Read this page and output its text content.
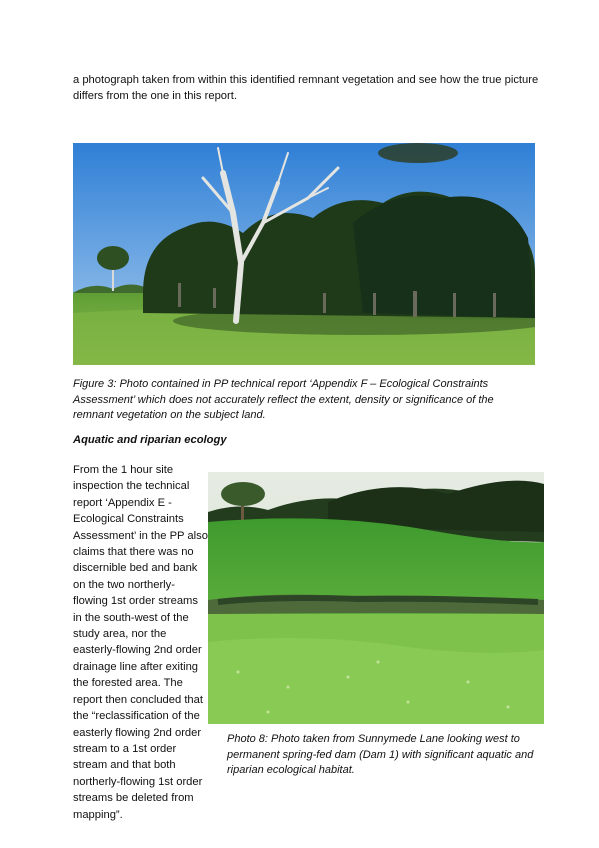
a photograph taken from within this identified remnant vegetation and see how the true picture differs from the one in this report.

Figure 3: Photo contained in PP technical report ‘Appendix F – Ecological Constraints Assessment’ which does not accurately reflect the extent, density or significance of the remnant vegetation on the subject land.

Aquatic and riparian ecology

From the 1 hour site inspection the technical report ‘Appendix E - Ecological Constraints Assessment’ in the PP also claims that there was no discernible bed and bank on the two northerly-flowing 1st order streams in the south-west of the study area, nor the easterly-flowing 2nd order drainage line after exiting the forested area. The report then concluded that the “reclassification of the easterly flowing 2nd order stream to a 1st order stream and that both northerly-flowing 1st order streams be deleted from mapping”.

Photo 8: Photo taken from Sunnymede Lane looking west to permanent spring-fed dam (Dam 1) with significant aquatic and riparian ecological habitat.
